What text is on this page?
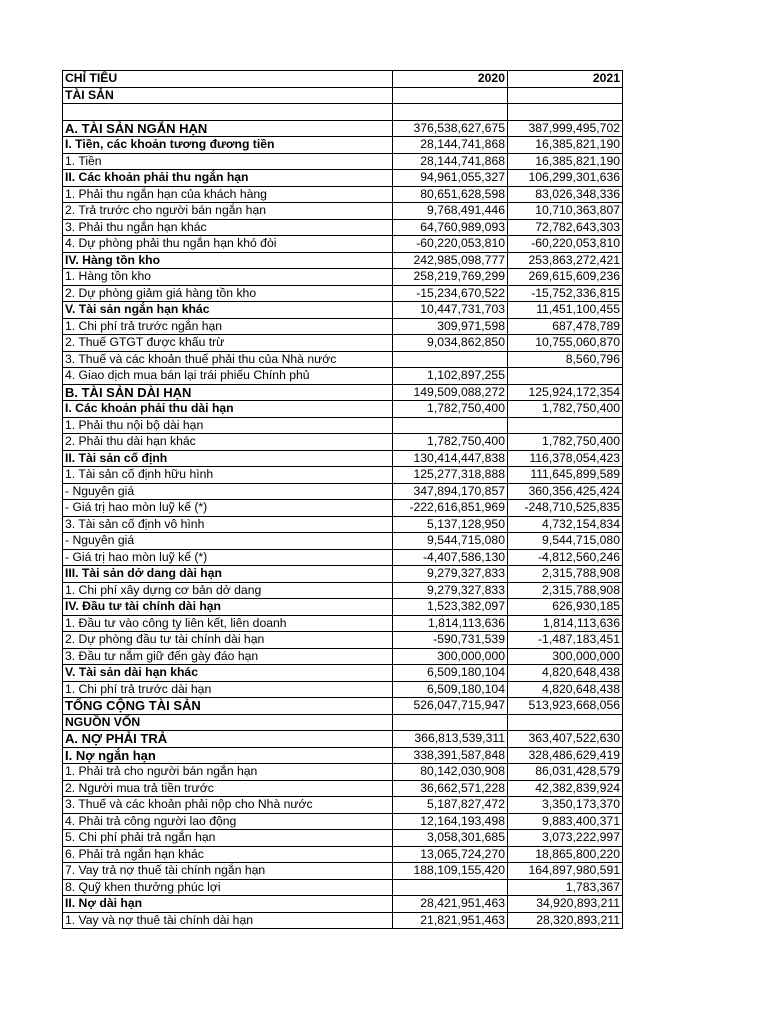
CHỈ TIÊU	2020	2021
TÀI SẢN		

A. TÀI SẢN NGẮN HẠN	376,538,627,675	387,999,495,702
I. Tiền, các khoản tương đương tiền	28,144,741,868	16,385,821,190
1. Tiền	28,144,741,868	16,385,821,190
II. Các khoản phải thu ngắn hạn	94,961,055,327	106,299,301,636
1. Phải thu ngắn hạn của khách hàng	80,651,628,598	83,026,348,336
2. Trả trước cho người bán ngắn hạn	9,768,491,446	10,710,363,807
3. Phải thu ngắn hạn khác	64,760,989,093	72,782,643,303
4. Dự phòng phải thu ngắn hạn khó đòi	-60,220,053,810	-60,220,053,810
IV. Hàng tồn kho	242,985,098,777	253,863,272,421
1. Hàng tồn kho	258,219,769,299	269,615,609,236
2. Dự phòng giảm giá hàng tồn kho	-15,234,670,522	-15,752,336,815
V. Tài sản ngắn hạn khác	10,447,731,703	11,451,100,455
1. Chi phí trả trước ngắn hạn	309,971,598	687,478,789
2. Thuế GTGT được khấu trừ	9,034,862,850	10,755,060,870
3. Thuế và các khoản thuế phải thu của Nhà nước		8,560,796
4. Giao dịch mua bán lại trái phiếu Chính phủ	1,102,897,255	
B. TÀI SẢN DÀI HẠN	149,509,088,272	125,924,172,354
I. Các khoản phải thu dài hạn	1,782,750,400	1,782,750,400
1. Phải thu nội bộ dài hạn		
2. Phải thu dài hạn khác	1,782,750,400	1,782,750,400
II. Tài sản cố định	130,414,447,838	116,378,054,423
1. Tài sản cố định hữu hình	125,277,318,888	111,645,899,589
- Nguyên giá	347,894,170,857	360,356,425,424
- Giá trị hao mòn luỹ kế (*)	-222,616,851,969	-248,710,525,835
3. Tài sản cố định vô hình	5,137,128,950	4,732,154,834
- Nguyên giá	9,544,715,080	9,544,715,080
- Giá trị hao mòn luỹ kế (*)	-4,407,586,130	-4,812,560,246
III. Tài sản dở dang dài hạn	9,279,327,833	2,315,788,908
1. Chi phí xây dựng cơ bản dở dang	9,279,327,833	2,315,788,908
IV. Đầu tư tài chính dài hạn	1,523,382,097	626,930,185
1. Đầu tư vào công ty liên kết, liên doanh	1,814,113,636	1,814,113,636
2. Dự phòng đầu tư tài chính dài hạn	-590,731,539	-1,487,183,451
3. Đầu tư nắm giữ đến gày đáo hạn	300,000,000	300,000,000
V. Tài sản dài hạn khác	6,509,180,104	4,820,648,438
1. Chi phí trả trước dài hạn	6,509,180,104	4,820,648,438
TỔNG CỘNG TÀI SẢN	526,047,715,947	513,923,668,056
NGUỒN VỐN		
A. NỢ PHẢI TRẢ	366,813,539,311	363,407,522,630
I. Nợ ngắn hạn	338,391,587,848	328,486,629,419
1. Phải trả cho người bán ngắn hạn	80,142,030,908	86,031,428,579
2. Người mua trả tiền trước	36,662,571,228	42,382,839,924
3. Thuế và các khoản phải nộp cho Nhà nước	5,187,827,472	3,350,173,370
4. Phải trả công người lao động	12,164,193,498	9,883,400,371
5. Chi phí phải trả ngắn hạn	3,058,301,685	3,073,222,997
6. Phải trả ngắn hạn khác	13,065,724,270	18,865,800,220
7. Vay trả nợ thuế tài chính ngắn hạn	188,109,155,420	164,897,980,591
8. Quỹ khen thưởng phúc lợi		1,783,367
II. Nợ dài hạn	28,421,951,463	34,920,893,211
1. Vay và nợ thuê tài chính dài hạn	21,821,951,463	28,320,893,211
